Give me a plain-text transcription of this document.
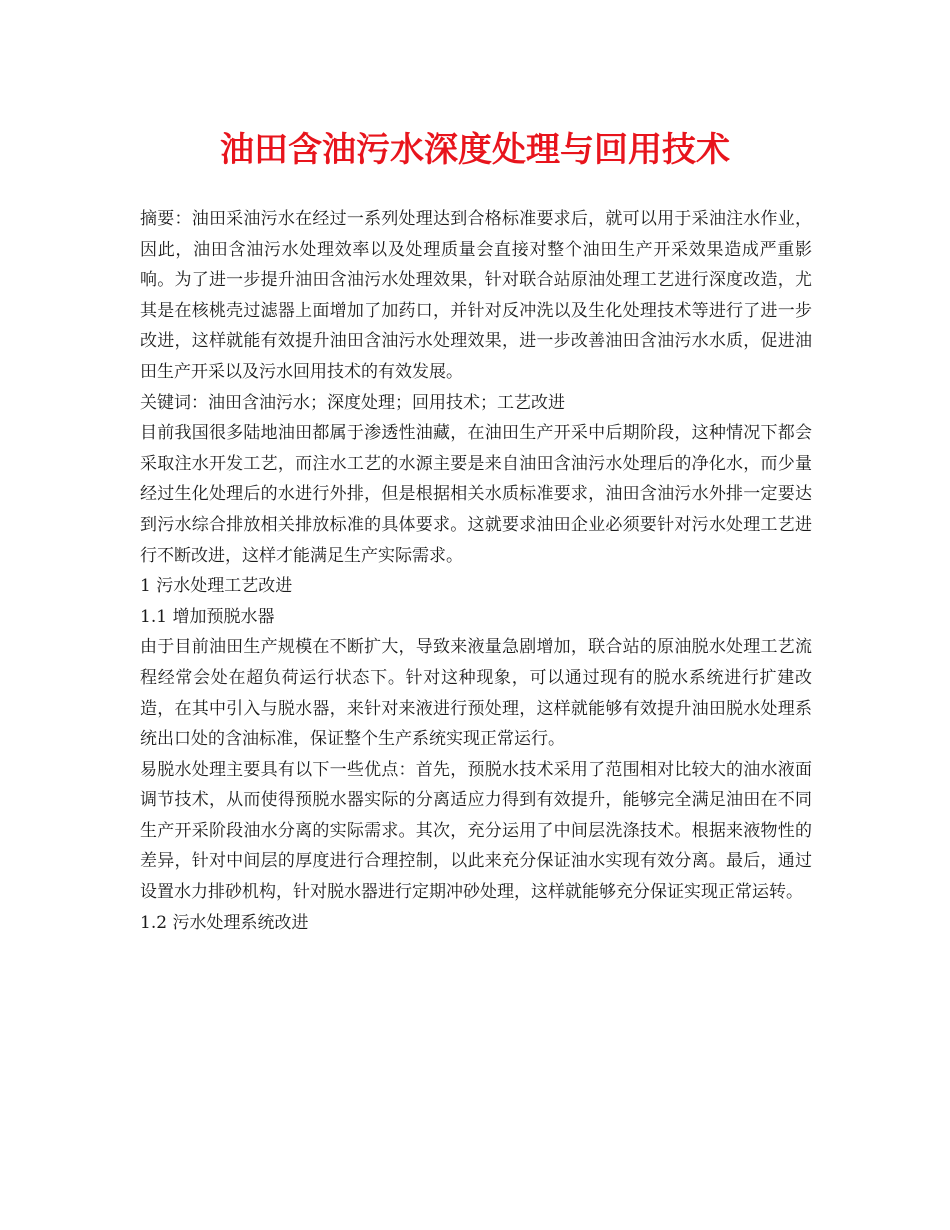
油田含油污水深度处理与回用技术

摘要：油田采油污水在经过一系列处理达到合格标准要求后，就可以用于采油注水作业，因此，油田含油污水处理效率以及处理质量会直接对整个油田生产开采效果造成严重影响。为了进一步提升油田含油污水处理效果，针对联合站原油处理工艺进行深度改造，尤其是在核桃壳过滤器上面增加了加药口，并针对反冲洗以及生化处理技术等进行了进一步改进，这样就能有效提升油田含油污水处理效果，进一步改善油田含油污水水质，促进油田生产开采以及污水回用技术的有效发展。

关键词：油田含油污水；深度处理；回用技术；工艺改进

目前我国很多陆地油田都属于渗透性油藏，在油田生产开采中后期阶段，这种情况下都会采取注水开发工艺，而注水工艺的水源主要是来自油田含油污水处理后的净化水，而少量经过生化处理后的水进行外排，但是根据相关水质标准要求，油田含油污水外排一定要达到污水综合排放相关排放标准的具体要求。这就要求油田企业必须要针对污水处理工艺进行不断改进，这样才能满足生产实际需求。

1 污水处理工艺改进

1.1 增加预脱水器

由于目前油田生产规模在不断扩大，导致来液量急剧增加，联合站的原油脱水处理工艺流程经常会处在超负荷运行状态下。针对这种现象，可以通过现有的脱水系统进行扩建改造，在其中引入与脱水器，来针对来液进行预处理，这样就能够有效提升油田脱水处理系统出口处的含油标准，保证整个生产系统实现正常运行。

易脱水处理主要具有以下一些优点：首先，预脱水技术采用了范围相对比较大的油水液面调节技术，从而使得预脱水器实际的分离适应力得到有效提升，能够完全满足油田在不同生产开采阶段油水分离的实际需求。其次，充分运用了中间层洗涤技术。根据来液物性的差异，针对中间层的厚度进行合理控制，以此来充分保证油水实现有效分离。最后，通过设置水力排砂机构，针对脱水器进行定期冲砂处理，这样就能够充分保证实现正常运转。

1.2 污水处理系统改进
